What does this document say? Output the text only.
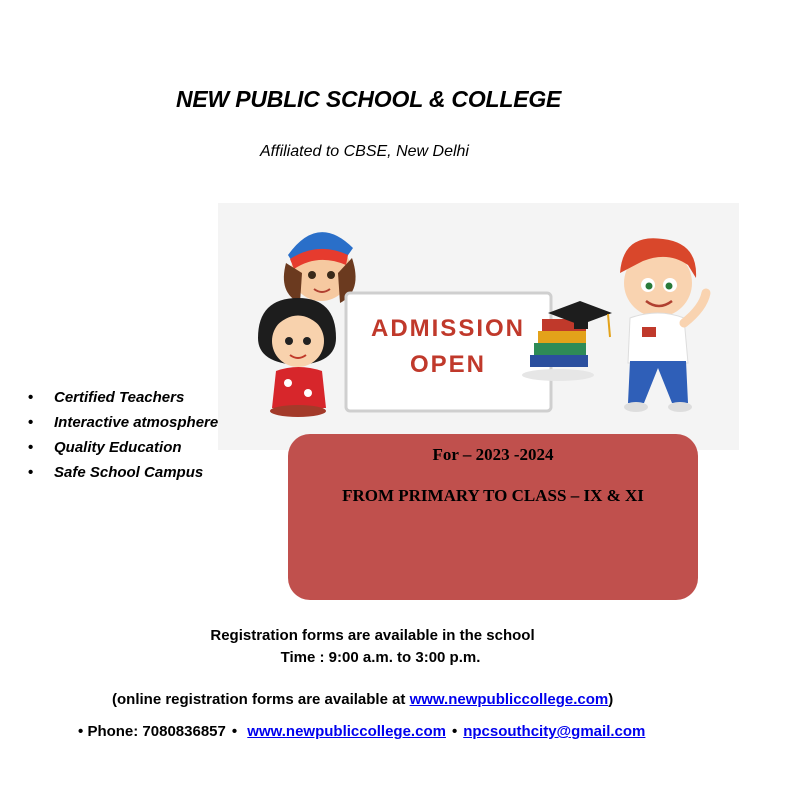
NEW PUBLIC SCHOOL & COLLEGE
Affiliated to CBSE, New Delhi
ADMISSION
OPEN
• Certified Teachers
• Interactive atmosphere
• Quality Education
• Safe School Campus
For – 2023 -2024
FROM PRIMARY TO CLASS – IX & XI
Registration forms are available in the school
Time : 9:00 a.m. to 3:00 p.m.
(online registration forms are available at www.newpubliccollege.com)
• Phone: 7080836857 • www.newpubliccollege.com • npcsouthcity@gmail.com
